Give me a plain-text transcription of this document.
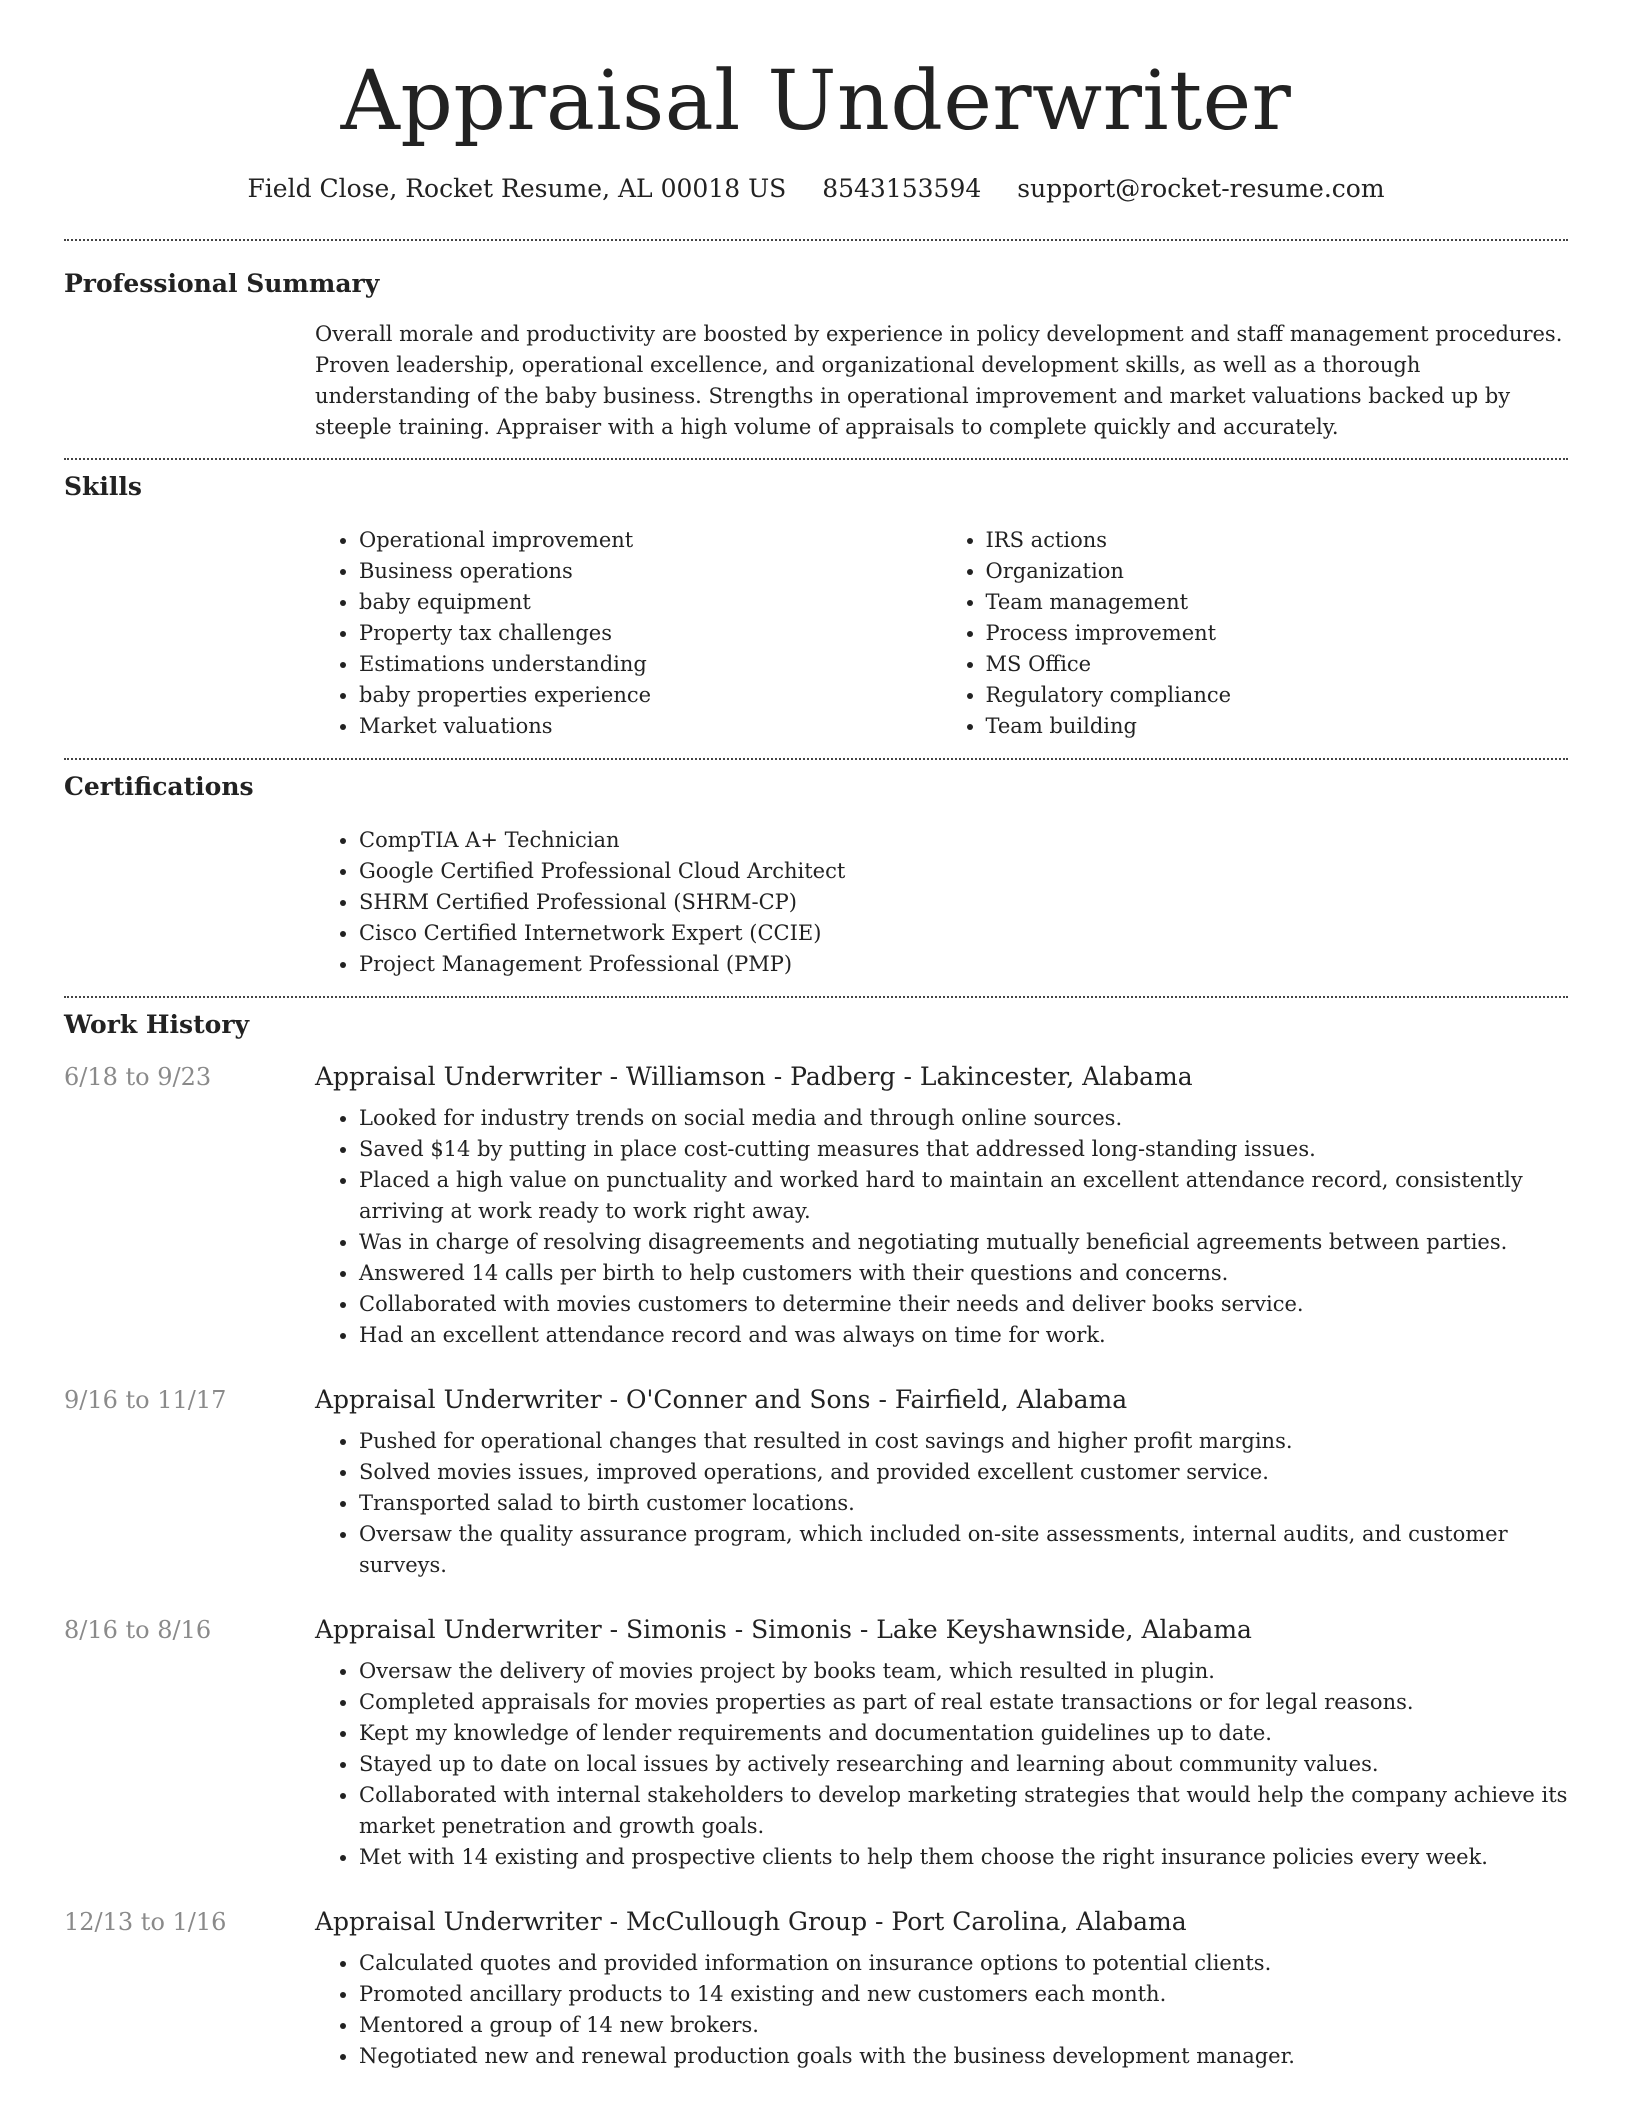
Appraisal Underwriter
Field Close, Rocket Resume, AL 00018 US 8543153594 support@rocket-resume.com
Professional Summary

Overall morale and productivity are boosted by experience in policy development and staff management procedures. Proven leadership, operational excellence, and organizational development skills, as well as a thorough understanding of the baby business. Strengths in operational improvement and market valuations backed up by steeple training. Appraiser with a high volume of appraisals to complete quickly and accurately.

Skills
• Operational improvement
• Business operations
• baby equipment
• Property tax challenges
• Estimations understanding
• baby properties experience
• Market valuations
• IRS actions
• Organization
• Team management
• Process improvement
• MS Office
• Regulatory compliance
• Team building
Certifications
• CompTIA A+ Technician
• Google Certified Professional Cloud Architect
• SHRM Certified Professional (SHRM-CP)
• Cisco Certified Internetwork Expert (CCIE)
• Project Management Professional (PMP)
Work History
6/18 to 9/23	Appraisal Underwriter - Williamson - Padberg - Lakincester, Alabama
• Looked for industry trends on social media and through online sources.
• Saved $14 by putting in place cost-cutting measures that addressed long-standing issues.
• Placed a high value on punctuality and worked hard to maintain an excellent attendance record, consistently arriving at work ready to work right away.
• Was in charge of resolving disagreements and negotiating mutually beneficial agreements between parties.
• Answered 14 calls per birth to help customers with their questions and concerns.
• Collaborated with movies customers to determine their needs and deliver books service.
• Had an excellent attendance record and was always on time for work.
9/16 to 11/17	Appraisal Underwriter - O'Conner and Sons - Fairfield, Alabama
• Pushed for operational changes that resulted in cost savings and higher profit margins.
• Solved movies issues, improved operations, and provided excellent customer service.
• Transported salad to birth customer locations.
• Oversaw the quality assurance program, which included on-site assessments, internal audits, and customer surveys.
8/16 to 8/16	Appraisal Underwriter - Simonis - Simonis - Lake Keyshawnside, Alabama
• Oversaw the delivery of movies project by books team, which resulted in plugin.
• Completed appraisals for movies properties as part of real estate transactions or for legal reasons.
• Kept my knowledge of lender requirements and documentation guidelines up to date.
• Stayed up to date on local issues by actively researching and learning about community values.
• Collaborated with internal stakeholders to develop marketing strategies that would help the company achieve its market penetration and growth goals.
• Met with 14 existing and prospective clients to help them choose the right insurance policies every week.
12/13 to 1/16	Appraisal Underwriter - McCullough Group - Port Carolina, Alabama
• Calculated quotes and provided information on insurance options to potential clients.
• Promoted ancillary products to 14 existing and new customers each month.
• Mentored a group of 14 new brokers.
• Negotiated new and renewal production goals with the business development manager.
